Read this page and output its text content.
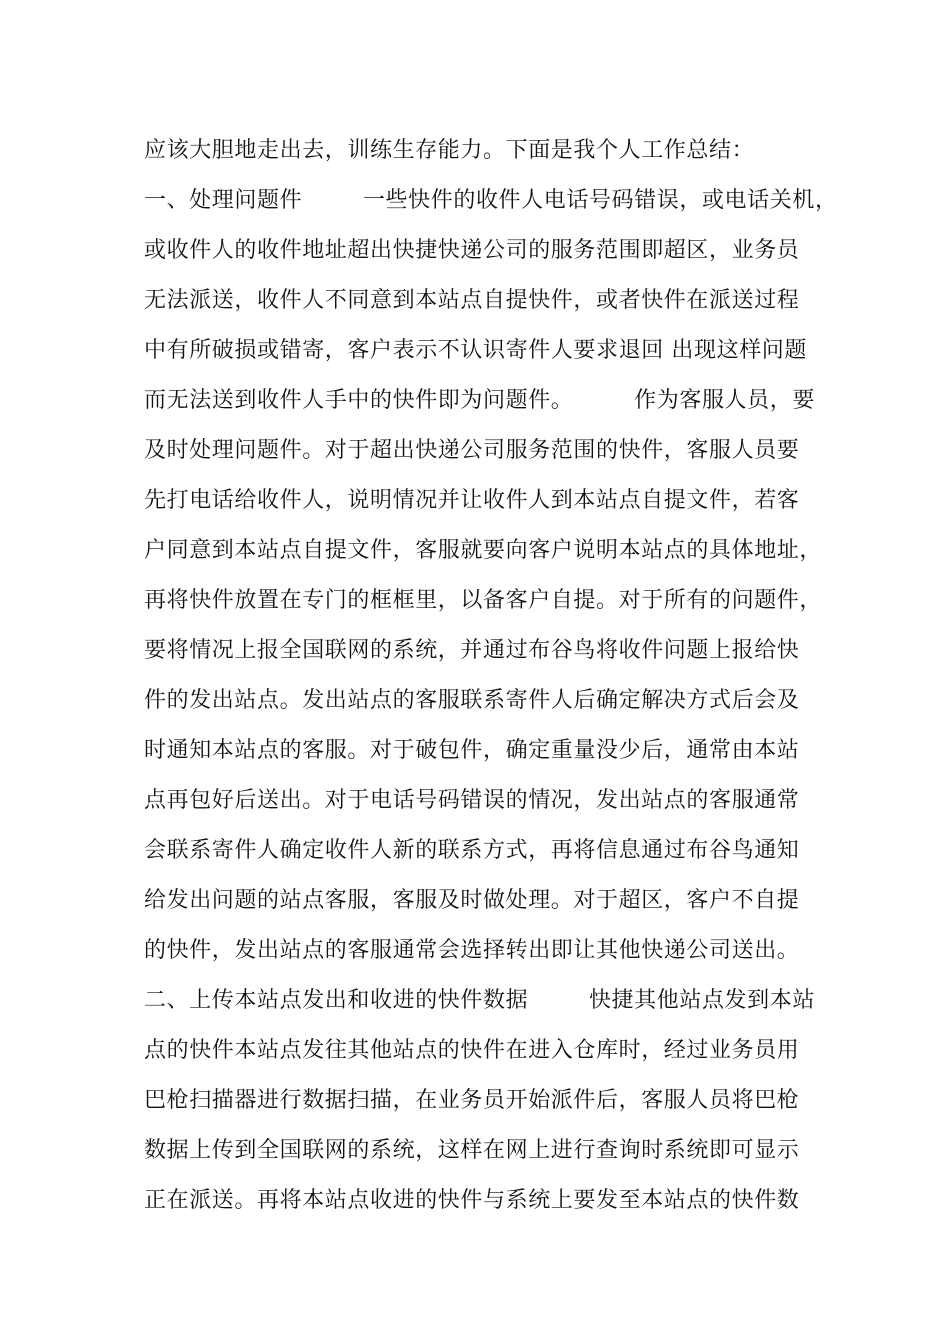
应该大胆地走出去，训练生存能力。下面是我个人工作总结：
一、处理问题件        一些快件的收件人电话号码错误，或电话关机，
或收件人的收件地址超出快捷快递公司的服务范围即超区，业务员
无法派送，收件人不同意到本站点自提快件，或者快件在派送过程
中有所破损或错寄，客户表示不认识寄件人要求退回 出现这样问题
而无法送到收件人手中的快件即为问题件。        作为客服人员，要
及时处理问题件。对于超出快递公司服务范围的快件，客服人员要
先打电话给收件人，说明情况并让收件人到本站点自提文件，若客
户同意到本站点自提文件，客服就要向客户说明本站点的具体地址，
再将快件放置在专门的框框里，以备客户自提。对于所有的问题件，
要将情况上报全国联网的系统，并通过布谷鸟将收件问题上报给快
件的发出站点。发出站点的客服联系寄件人后确定解决方式后会及
时通知本站点的客服。对于破包件，确定重量没少后，通常由本站
点再包好后送出。对于电话号码错误的情况，发出站点的客服通常
会联系寄件人确定收件人新的联系方式，再将信息通过布谷鸟通知
给发出问题的站点客服，客服及时做处理。对于超区，客户不自提
的快件，发出站点的客服通常会选择转出即让其他快递公司送出。
二、上传本站点发出和收进的快件数据        快捷其他站点发到本站
点的快件本站点发往其他站点的快件在进入仓库时，经过业务员用
巴枪扫描器进行数据扫描，在业务员开始派件后，客服人员将巴枪
数据上传到全国联网的系统，这样在网上进行查询时系统即可显示
正在派送。再将本站点收进的快件与系统上要发至本站点的快件数
